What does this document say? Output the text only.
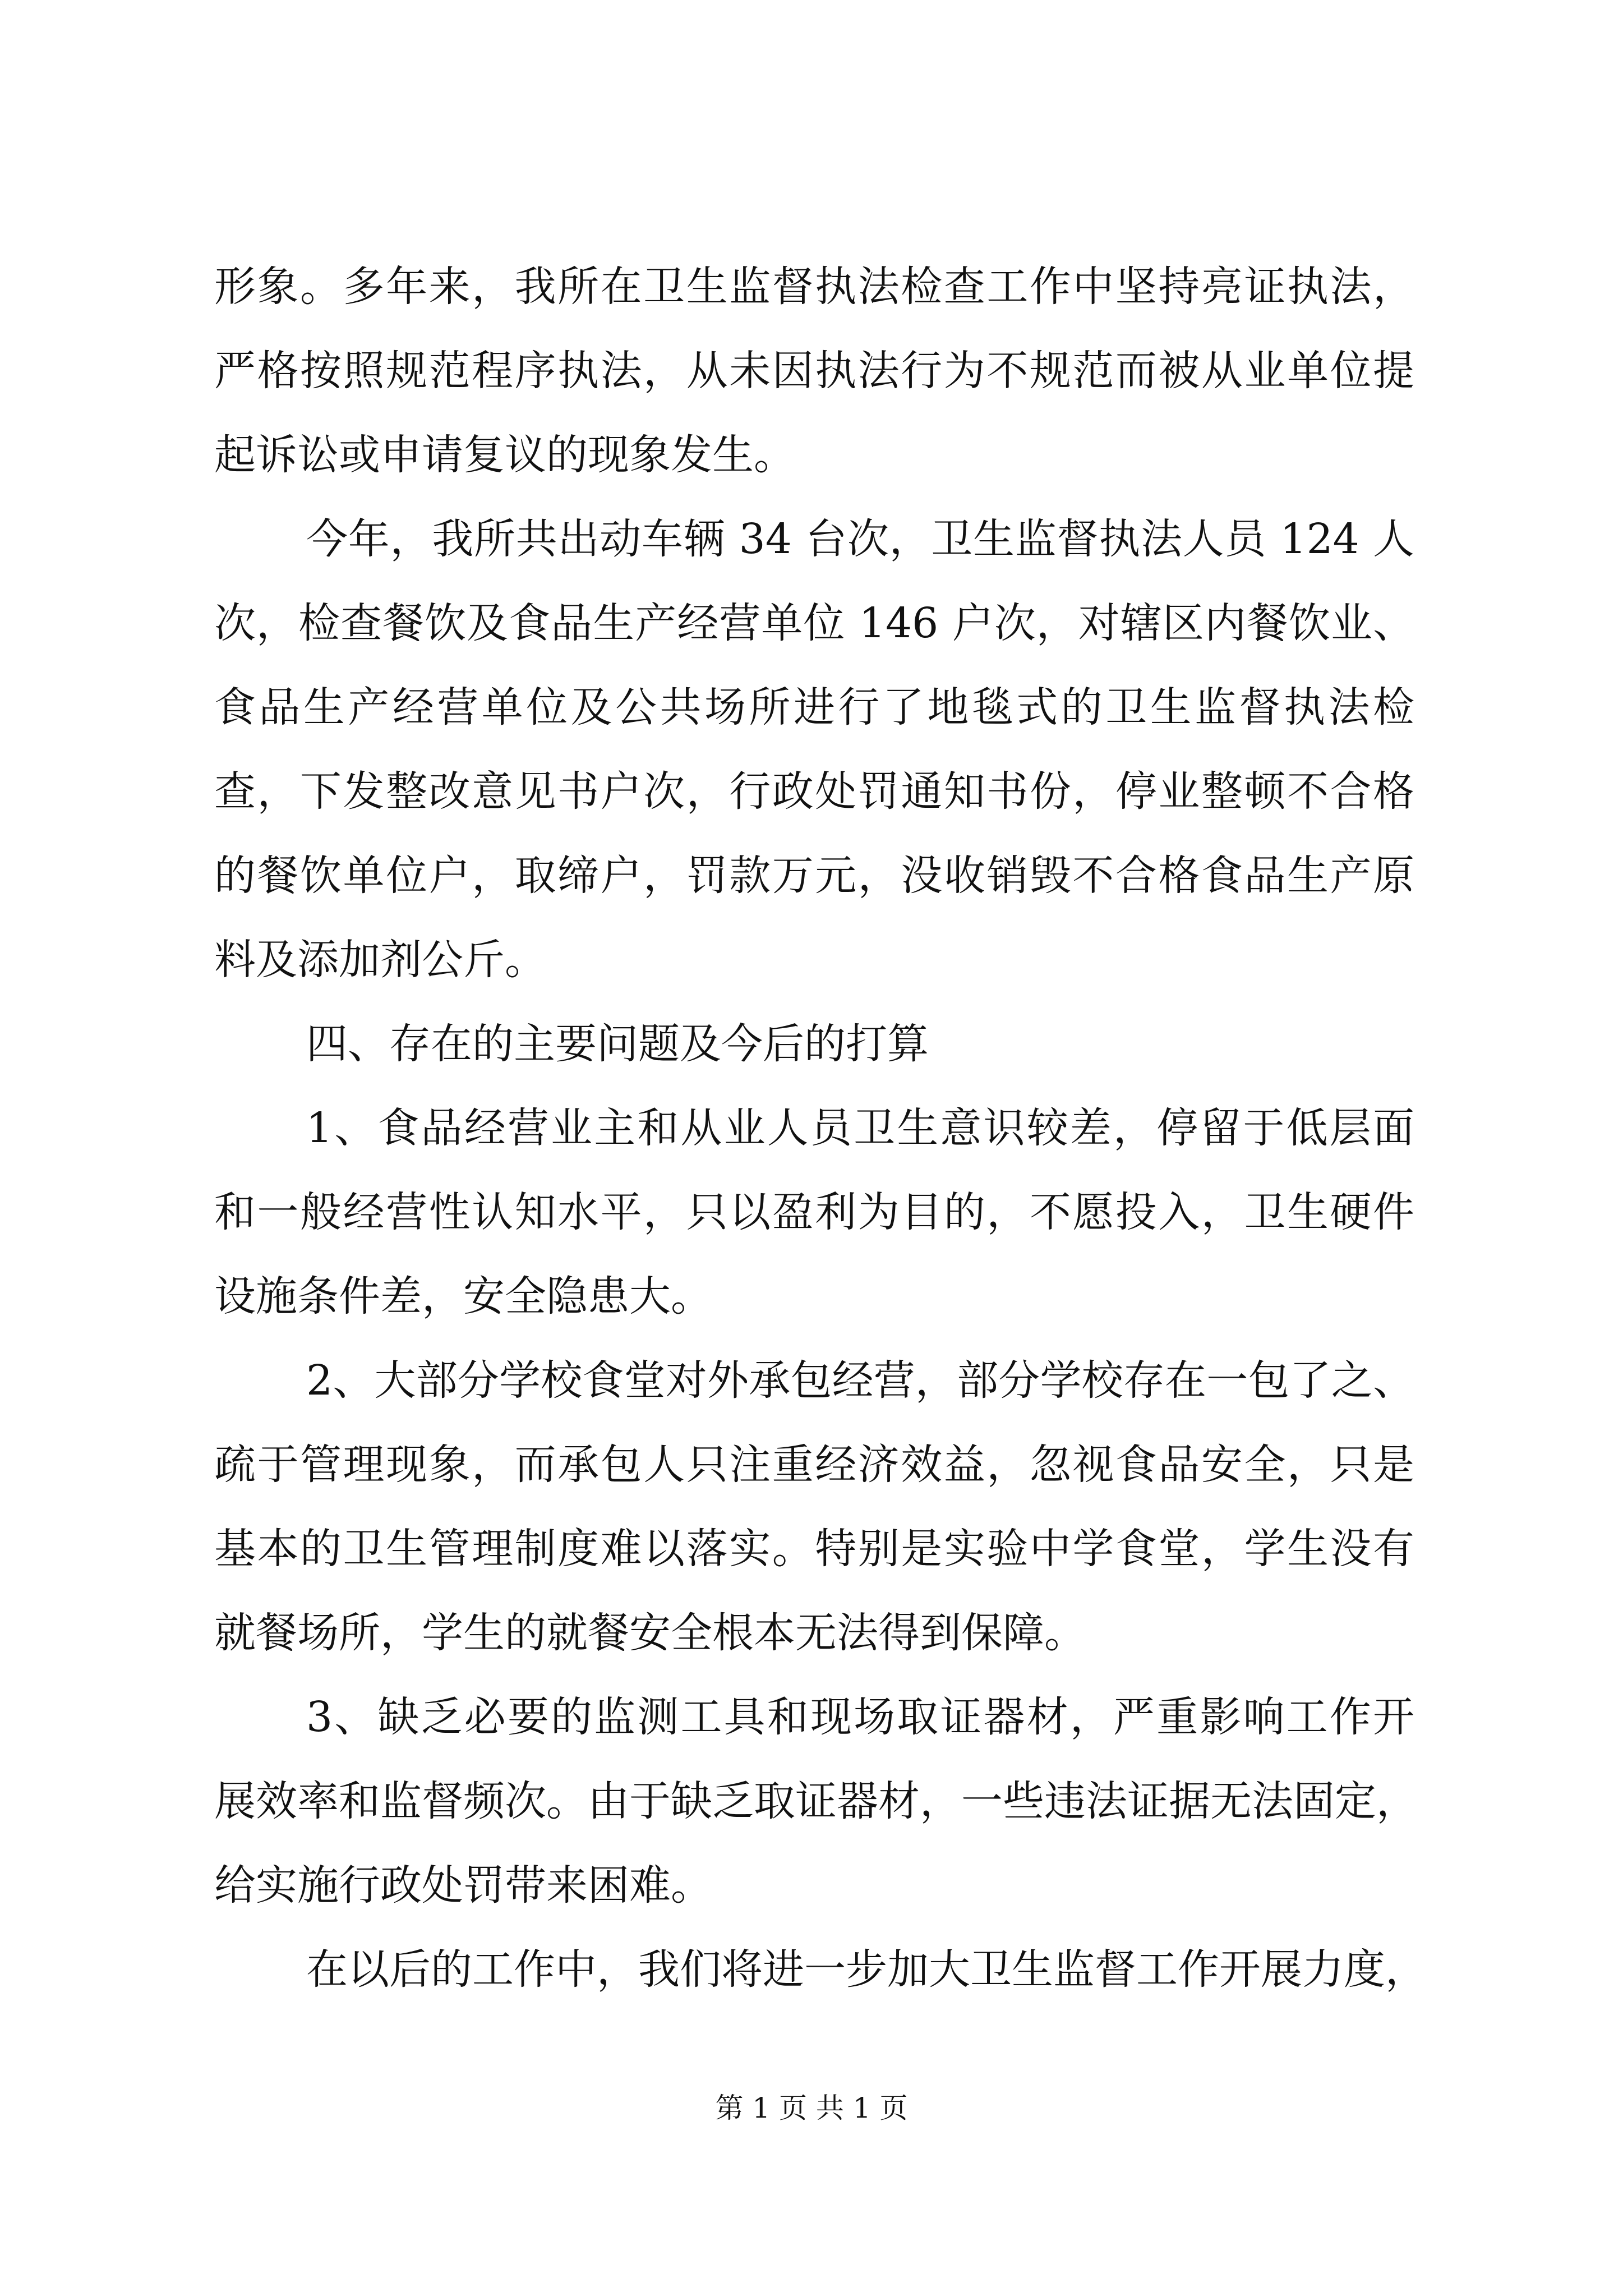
形象。多年来，我所在卫生监督执法检查工作中坚持亮证执法，
严格按照规范程序执法，从未因执法行为不规范而被从业单位提
起诉讼或申请复议的现象发生。
今年，我所共出动车辆 34 台次，卫生监督执法人员 124 人
次，检查餐饮及食品生产经营单位 146 户次，对辖区内餐饮业、
食品生产经营单位及公共场所进行了地毯式的卫生监督执法检
查，下发整改意见书户次，行政处罚通知书份，停业整顿不合格
的餐饮单位户，取缔户，罚款万元，没收销毁不合格食品生产原
料及添加剂公斤。
四、存在的主要问题及今后的打算
1、食品经营业主和从业人员卫生意识较差，停留于低层面
和一般经营性认知水平，只以盈利为目的，不愿投入，卫生硬件
设施条件差，安全隐患大。
2、大部分学校食堂对外承包经营，部分学校存在一包了之、
疏于管理现象，而承包人只注重经济效益，忽视食品安全，只是
基本的卫生管理制度难以落实。特别是实验中学食堂，学生没有
就餐场所，学生的就餐安全根本无法得到保障。
3、缺乏必要的监测工具和现场取证器材，严重影响工作开
展效率和监督频次。由于缺乏取证器材，一些违法证据无法固定，
给实施行政处罚带来困难。
在以后的工作中，我们将进一步加大卫生监督工作开展力度，
第 1 页 共 1 页
